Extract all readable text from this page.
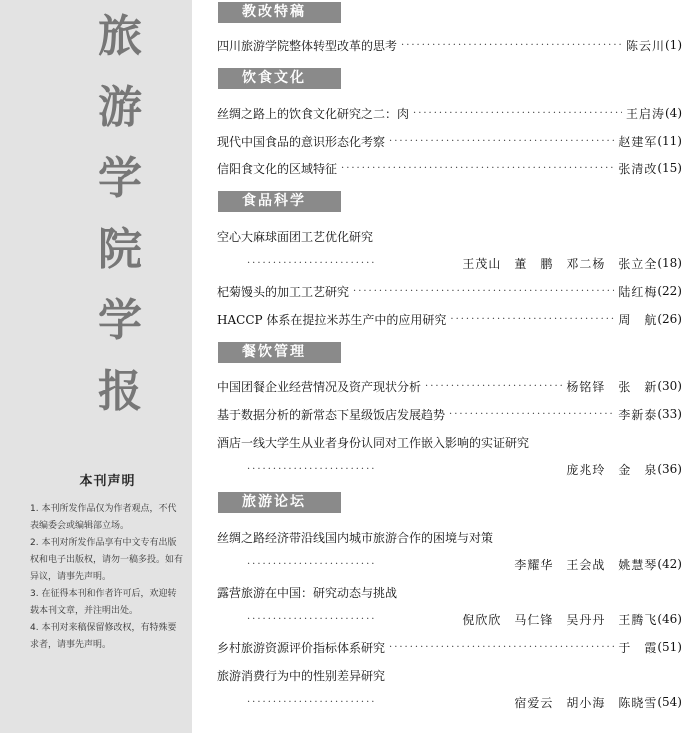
旅
游
学
院
学
报
本刊声明
1. 本刊所发作品仅为作者观点，不代表编委会或编辑部立场。
2. 本刊对所发作品享有中文专有出版权和电子出版权，请勿一稿多投。如有异议，请事先声明。
3. 在征得本刊和作者许可后，欢迎转载本刊文章，并注明出处。
4. 本刊对来稿保留修改权，有特殊要求者，请事先声明。
教改特稿
四川旅游学院整体转型改革的思考 ·····	陈云川 (1)
饮食文化
丝绸之路上的饮食文化研究之二：肉 ·····	王启涛 (4)
现代中国食品的意识形态化考察 ·····	赵建军 (11)
信阳食文化的区域特征 ·····	张清改 (15)
食品科学
空心大麻球面团工艺优化研究
·····
王茂山　董　鹏　邓二杨　张立全 (18)
杞菊馒头的加工工艺研究 ·····	陆红梅 (22)
HACCP 体系在提拉米苏生产中的应用研究 ·····	周　航 (26)
餐饮管理
中国团餐企业经营情况及资产现状分析 ·····	杨铭铎　张　新 (30)
基于数据分析的新常态下星级饭店发展趋势 ·····	李新泰 (33)
酒店一线大学生从业者身份认同对工作嵌入影响的实证研究
·····
庞兆玲　金　泉 (36)
旅游论坛
丝绸之路经济带沿线国内城市旅游合作的困境与对策
·····
李耀华　王会战　姚慧琴 (42)
露营旅游在中国：研究动态与挑战
·····
倪欣欣　马仁锋　吴丹丹　王腾飞 (46)
乡村旅游资源评价指标体系研究 ·····	于　霞 (51)
旅游消费行为中的性别差异研究
·····
宿爱云　胡小海　陈晓雪 (54)
